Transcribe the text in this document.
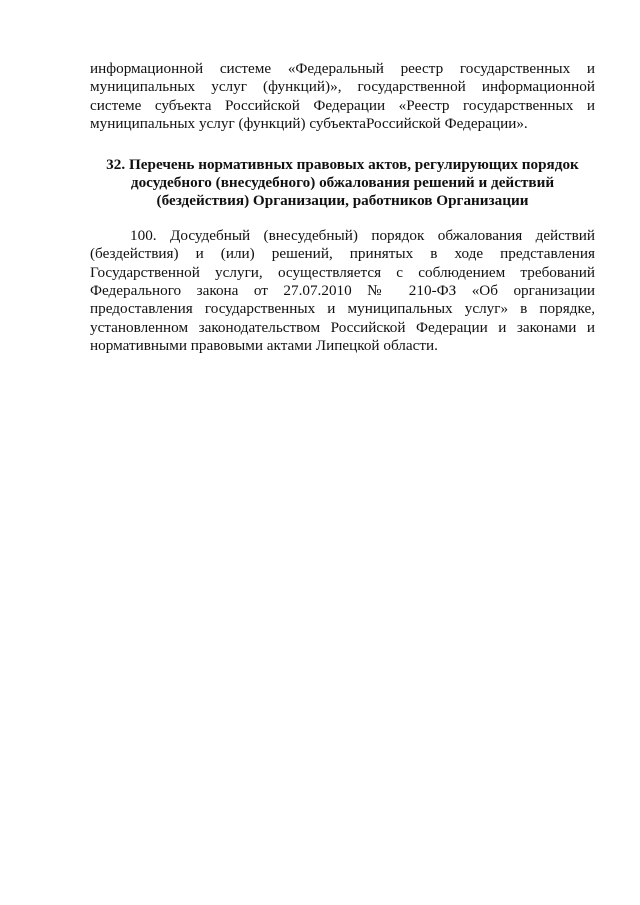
информационной системе «Федеральный реестр государственных и
муниципальных услуг (функций)», государственной информационной
системе субъекта Российской Федерации «Реестр государственных и
муниципальных услуг (функций) субъектаРоссийской Федерации».

32. Перечень нормативных правовых актов, регулирующих порядок
досудебного (внесудебного) обжалования решений и действий
(бездействия) Организации, работников Организации

100. Досудебный (внесудебный) порядок обжалования действий
(бездействия) и (или) решений, принятых в ходе представления
Государственной услуги, осуществляется с соблюдением требований
Федерального закона от 27.07.2010 № 210-ФЗ «Об организации
предоставления государственных и муниципальных услуг» в порядке,
установленном законодательством Российской Федерации и законами и
нормативными правовыми актами Липецкой области.
